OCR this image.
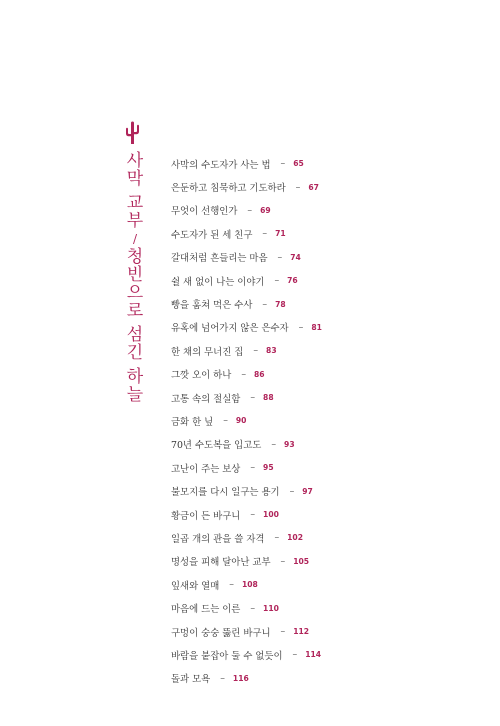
사
막
교
부
/
청
빈
으
로
섬
긴
하
늘
사막의 수도자가 사는 법 – 65
은둔하고 침묵하고 기도하라 – 67
무엇이 선행인가 – 69
수도자가 된 세 친구 – 71
갈대처럼 흔들리는 마음 – 74
쉴 새 없이 나는 이야기 – 76
빵을 훔쳐 먹은 수사 – 78
유혹에 넘어가지 않은 은수자 – 81
한 채의 무너진 집 – 83
그깟 오이 하나 – 86
고통 속의 절실함 – 88
금화 한 닢 – 90
70년 수도복을 입고도 – 93
고난이 주는 보상 – 95
불모지를 다시 일구는 용기 – 97
황금이 든 바구니 – 100
일곱 개의 관을 쓸 자격 – 102
명성을 피해 달아난 교부 – 105
잎새와 열매 – 108
마음에 드는 이른 – 110
구멍이 숭숭 뚫린 바구니 – 112
바람을 붙잡아 둘 수 없듯이 – 114
돌과 모욕 – 116
